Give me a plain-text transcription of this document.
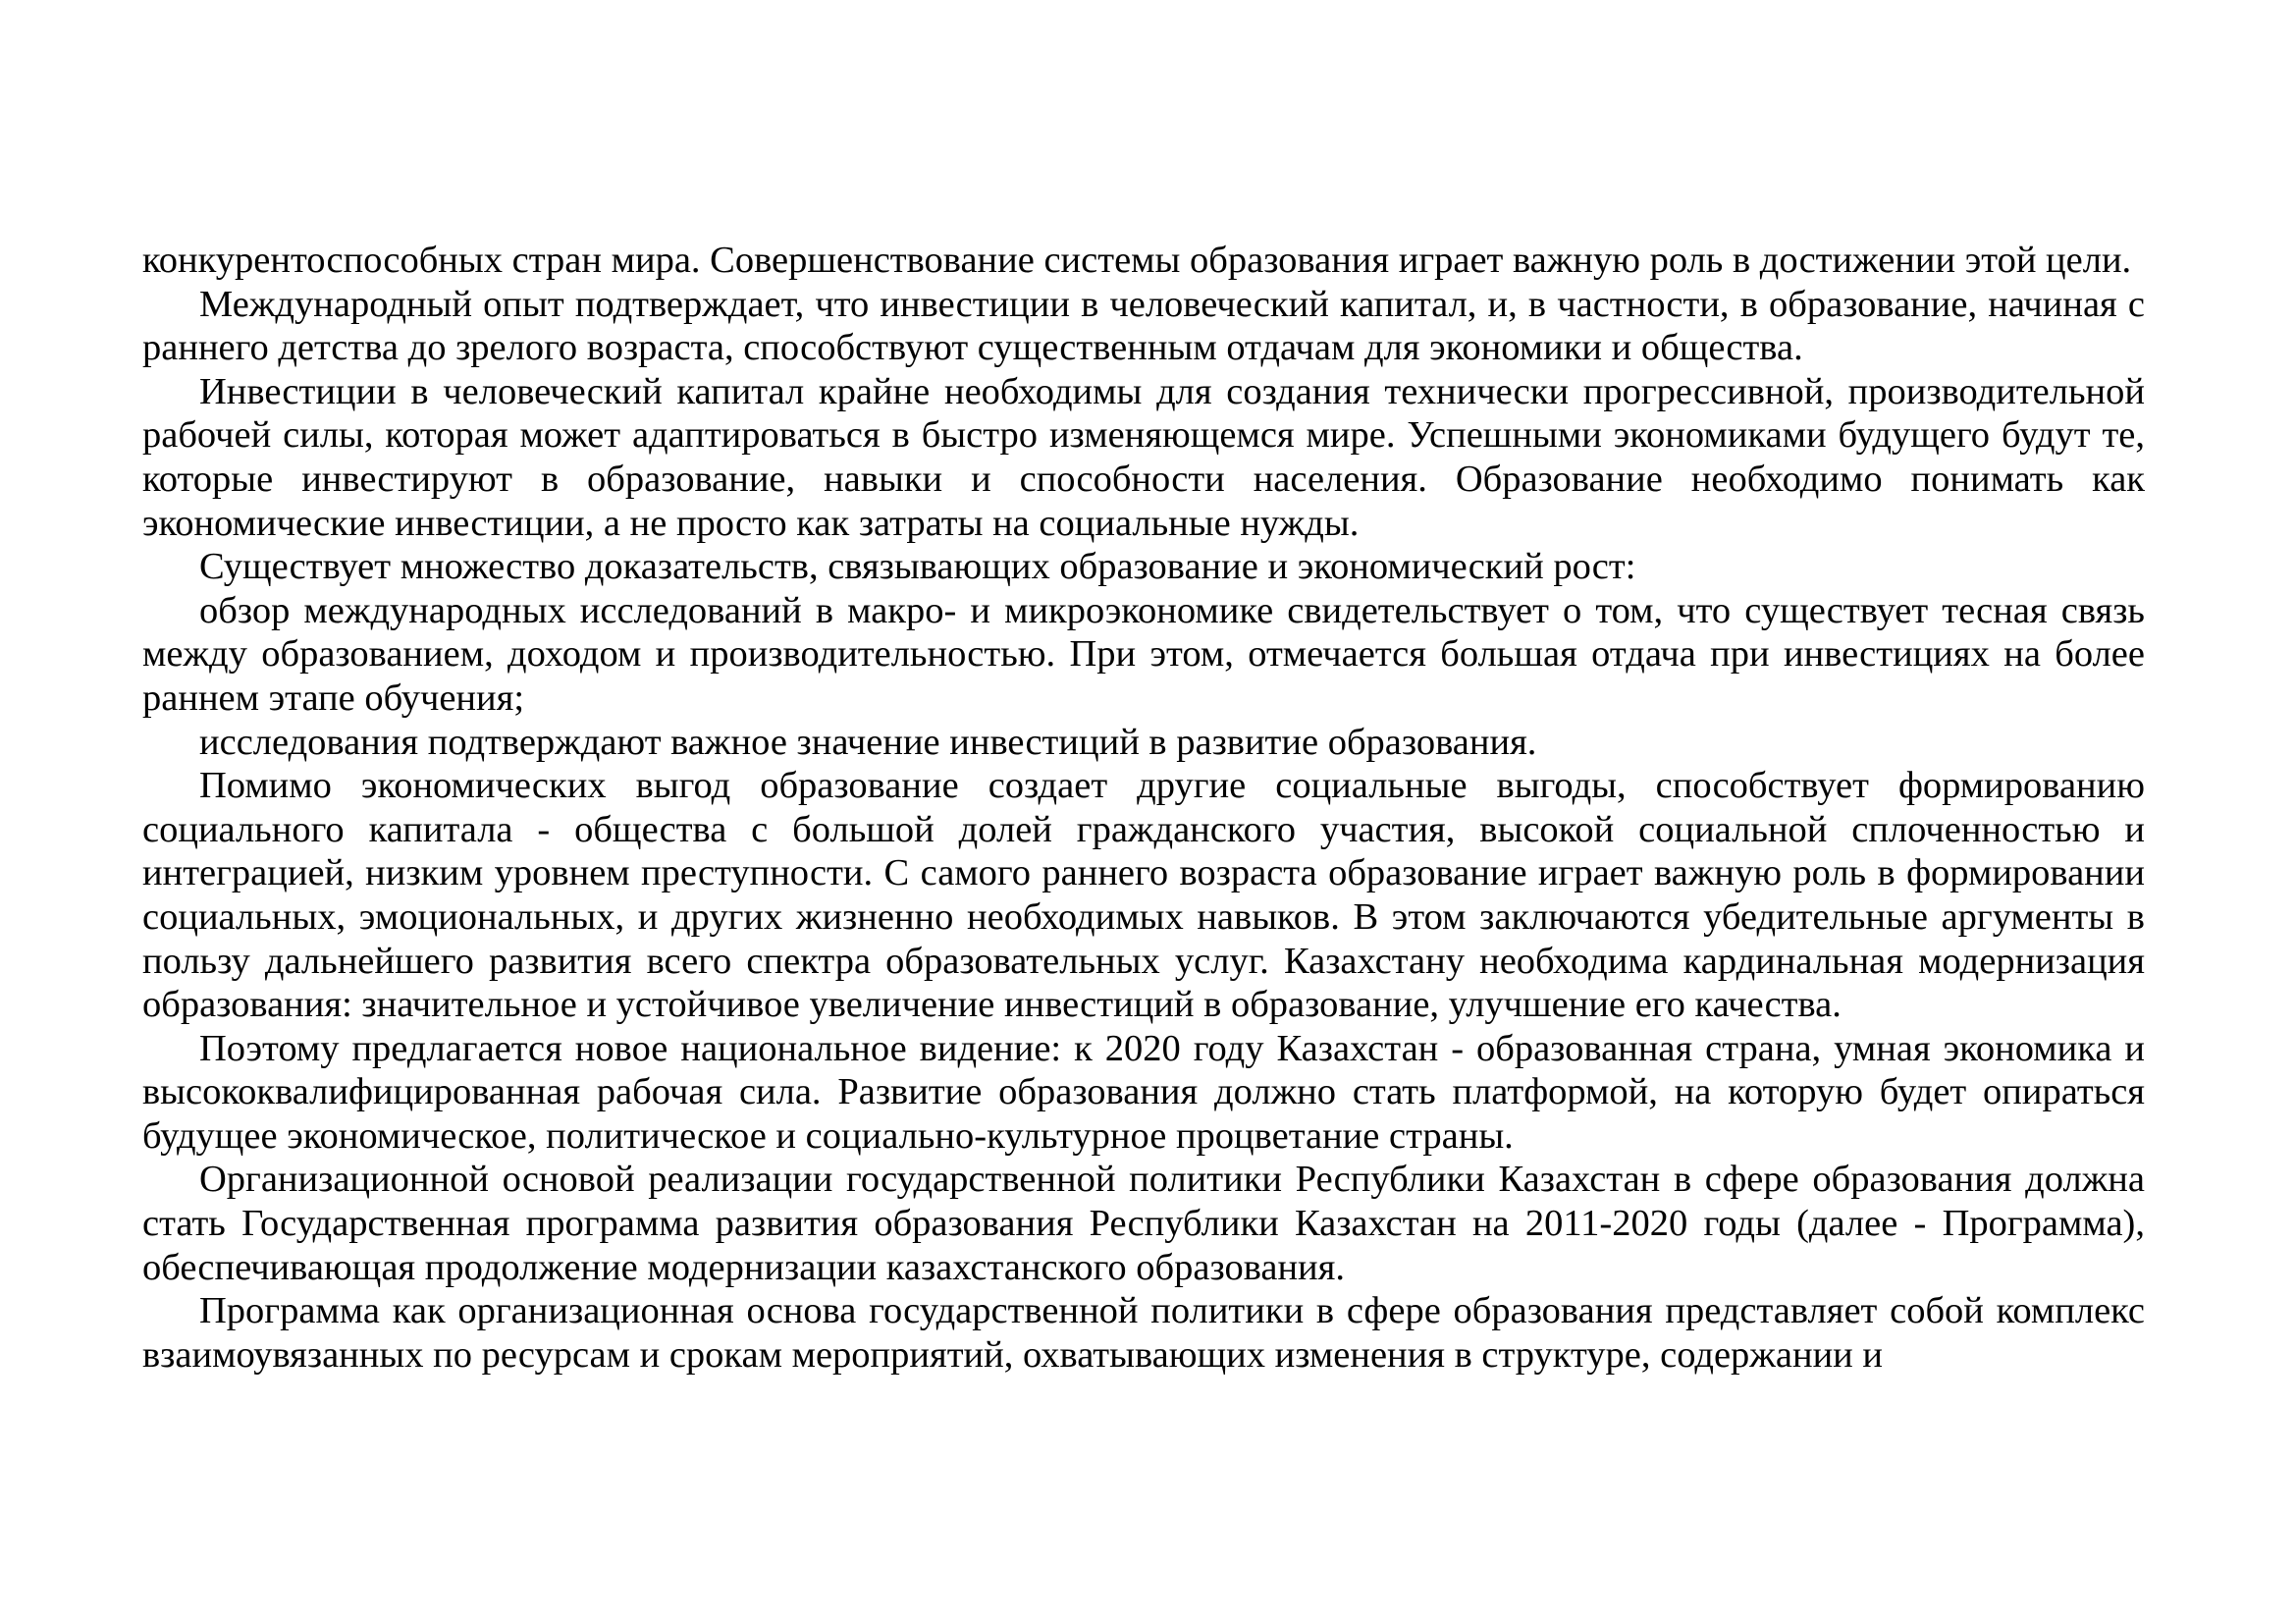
конкурентоспособных стран мира. Совершенствование системы образования играет важную роль в достижении этой цели.

Международный опыт подтверждает, что инвестиции в человеческий капитал, и, в частности, в образование, начиная с раннего детства до зрелого возраста, способствуют существенным отдачам для экономики и общества.

Инвестиции в человеческий капитал крайне необходимы для создания технически прогрессивной, производительной рабочей силы, которая может адаптироваться в быстро изменяющемся мире. Успешными экономиками будущего будут те, которые инвестируют в образование, навыки и способности населения. Образование необходимо понимать как экономические инвестиции, а не просто как затраты на социальные нужды.

Существует множество доказательств, связывающих образование и экономический рост:

обзор международных исследований в макро- и микроэкономике свидетельствует о том, что существует тесная связь между образованием, доходом и производительностью. При этом, отмечается большая отдача при инвестициях на более раннем этапе обучения;

исследования подтверждают важное значение инвестиций в развитие образования.

Помимо экономических выгод образование создает другие социальные выгоды, способствует формированию социального капитала - общества с большой долей гражданского участия, высокой социальной сплоченностью и интеграцией, низким уровнем преступности. С самого раннего возраста образование играет важную роль в формировании социальных, эмоциональных, и других жизненно необходимых навыков. В этом заключаются убедительные аргументы в пользу дальнейшего развития всего спектра образовательных услуг. Казахстану необходима кардинальная модернизация образования: значительное и устойчивое увеличение инвестиций в образование, улучшение его качества.

Поэтому предлагается новое национальное видение: к 2020 году Казахстан - образованная страна, умная экономика и высококвалифицированная рабочая сила. Развитие образования должно стать платформой, на которую будет опираться будущее экономическое, политическое и социально-культурное процветание страны.

Организационной основой реализации государственной политики Республики Казахстан в сфере образования должна стать Государственная программа развития образования Республики Казахстан на 2011-2020 годы (далее - Программа), обеспечивающая продолжение модернизации казахстанского образования.

Программа как организационная основа государственной политики в сфере образования представляет собой комплекс взаимоувязанных по ресурсам и срокам мероприятий, охватывающих изменения в структуре, содержании и
